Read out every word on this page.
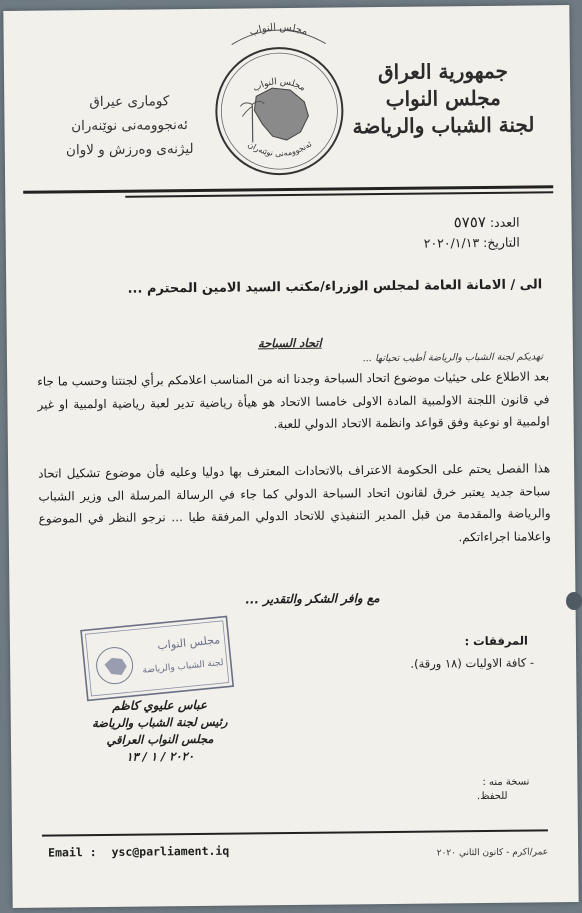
مجلس النواب
جمهورية العراق
مجلس النواب
لجنة الشباب والرياضة
كوماری عیراق
ئەنجوومەنی نوێنەران
لیژنەی وەرزش و لاوان
مجلس النواب
ئەنجوومەنی نوێنەران
العدد: ٥٧٥٧
التاريخ: ٢٠٢٠/١/١٣
الى / الامانة العامة لمجلس الوزراء/مكتب السيد الامين المحترم ...
اتحاد السباحة
تهديكم لجنة الشباب والرياضة أطيب تحياتها ...
بعد الاطلاع على حيثيات موضوع اتحاد السباحة وجدنا انه من المناسب اعلامكم برأي لجنتنا وحسب ما جاء في قانون اللجنة الاولمبية المادة الاولى خامسا الاتحاد هو هيأة رياضية تدير لعبة رياضية اولمبية او غير اولمبية او نوعية وفق قواعد وانظمة الاتحاد الدولي للعبة.
هذا الفصل يحتم على الحكومة الاعتراف بالاتحادات المعترف بها دوليا وعليه فأن موضوع تشكيل اتحاد سباحة جديد يعتبر خرق لقانون اتحاد السباحة الدولي كما جاء في الرسالة المرسلة الى وزير الشباب والرياضة والمقدمة من قبل المدير التنفيذي للاتحاد الدولي المرفقة طيا ... نرجو النظر في الموضوع واعلامنا اجراءاتكم.
مع وافر الشكر والتقدير ...
المرفقات :
- كافة الاوليات (١٨ ورقة).
مجلس النواب
لجنة الشباب والرياضة
عباس عليوي كاظم
رئيس لجنة الشباب والرياضة
مجلس النواب العراقي
٢٠٢٠ / ١ / ١٣
نسخة منه :
للحفظ.
Email : ysc@parliament.iq	عمر/اكرم - كانون الثاني ٢٠٢٠
